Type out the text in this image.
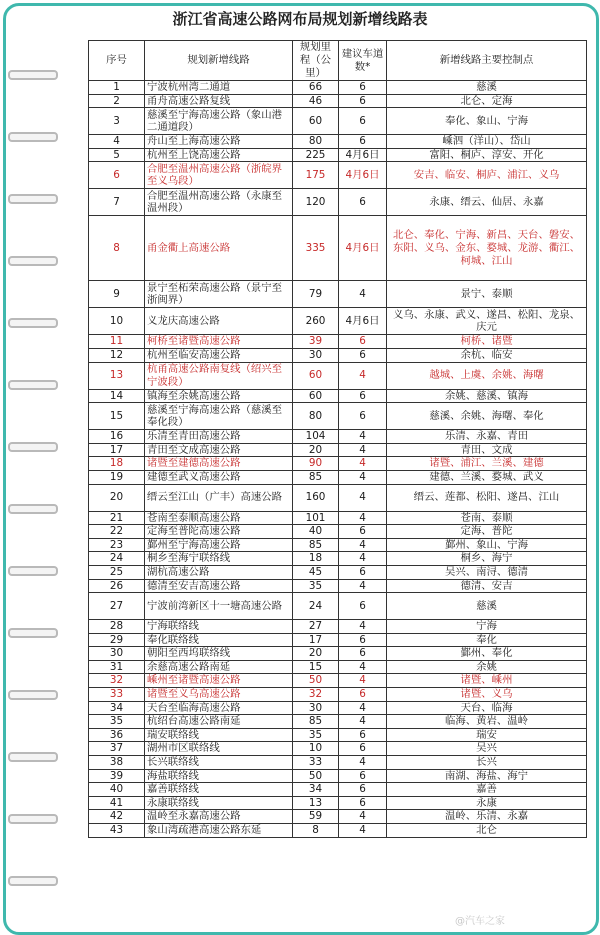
浙江省高速公路网布局规划新增线路表
序号	规划新增线路	规划里程（公里）	建议车道数*	新增线路主要控制点
1	宁波杭州湾二通道	66	6	慈溪
2	甬舟高速公路复线	46	6	北仑、定海
3	慈溪至宁海高速公路（象山港二通道段）	60	6	奉化、象山、宁海
4	舟山至上海高速公路	80	6	嵊泗（洋山）、岱山
5	杭州至上饶高速公路	225	4月6日	富阳、桐庐、淳安、开化
6	合肥至温州高速公路（浙皖界至义乌段）	175	4月6日	安吉、临安、桐庐、浦江、义乌
7	合肥至温州高速公路（永康至温州段）	120	6	永康、缙云、仙居、永嘉
8	甬金衢上高速公路	335	4月6日	北仑、奉化、宁海、新昌、天台、磐安、东阳、义乌、金东、婺城、龙游、衢江、柯城、江山
9	景宁至柘荣高速公路（景宁至浙闽界）	79	4	景宁、泰顺
10	义龙庆高速公路	260	4月6日	义乌、永康、武义、遂昌、松阳、龙泉、庆元
11	柯桥至诸暨高速公路	39	6	柯桥、诸暨
12	杭州至临安高速公路	30	6	余杭、临安
13	杭甬高速公路南复线（绍兴至宁波段）	60	4	越城、上虞、余姚、海曙
14	镇海至余姚高速公路	60	6	余姚、慈溪、镇海
15	慈溪至宁海高速公路（慈溪至奉化段）	80	6	慈溪、余姚、海曙、奉化
16	乐清至青田高速公路	104	4	乐清、永嘉、青田
17	青田至文成高速公路	20	4	青田、文成
18	诸暨至建德高速公路	90	4	诸暨、浦江、兰溪、建德
19	建德至武义高速公路	85	4	建德、兰溪、婺城、武义
20	缙云至江山（广丰）高速公路	160	4	缙云、莲都、松阳、遂昌、江山
21	苍南至泰顺高速公路	101	4	苍南、泰顺
22	定海至普陀高速公路	40	6	定海、普陀
23	鄞州至宁海高速公路	85	4	鄞州、象山、宁海
24	桐乡至海宁联络线	18	4	桐乡、海宁
25	湖杭高速公路	45	6	吴兴、南浔、德清
26	德清至安吉高速公路	35	4	德清、安吉
27	宁波前湾新区十一塘高速公路	24	6	慈溪
28	宁海联络线	27	4	宁海
29	奉化联络线	17	6	奉化
30	朝阳至西坞联络线	20	6	鄞州、奉化
31	余慈高速公路南延	15	4	余姚
32	嵊州至诸暨高速公路	50	4	诸暨、嵊州
33	诸暨至义乌高速公路	32	6	诸暨、义乌
34	天台至临海高速公路	30	4	天台、临海
35	杭绍台高速公路南延	85	4	临海、黄岩、温岭
36	瑞安联络线	35	6	瑞安
37	湖州市区联络线	10	6	吴兴
38	长兴联络线	33	4	长兴
39	海盐联络线	50	6	南湖、海盐、海宁
40	嘉善联络线	34	6	嘉善
41	永康联络线	13	6	永康
42	温岭至永嘉高速公路	59	4	温岭、乐清、永嘉
43	象山湾疏港高速公路东延	8	4	北仑
@汽车之家
